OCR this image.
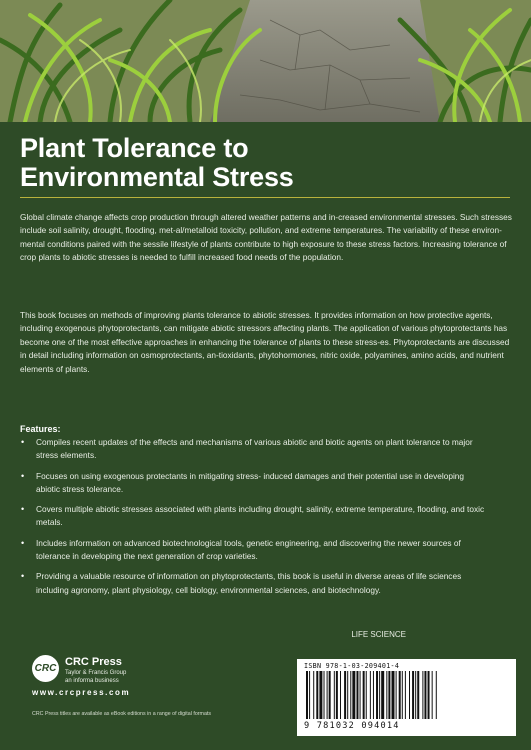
Plant Tolerance to
Environmental Stress

Global climate change affects crop production through altered weather patterns and in-creased environmental stresses. Such stresses include soil salinity, drought, flooding, met-al/metalloid toxicity, pollution, and extreme temperatures. The variability of these environ-mental conditions paired with the sessile lifestyle of plants contribute to high exposure to these stress factors. Increasing tolerance of crop plants to abiotic stresses is needed to fulfill increased food needs of the population.

This book focuses on methods of improving plants tolerance to abiotic stresses. It provides information on how protective agents, including exogenous phytoprotectants, can mitigate abiotic stressors affecting plants. The application of various phytoprotectants has become one of the most effective approaches in enhancing the tolerance of plants to these stress-es. Phytoprotectants are discussed in detail including information on osmoprotectants, an-tioxidants, phytohormones, nitric oxide, polyamines, amino acids, and nutrient elements of plants.

Features:
• Compiles recent updates of the effects and mechanisms of various abiotic and biotic agents on plant tolerance to major stress elements.
• Focuses on using exogenous protectants in mitigating stress- induced damages and their potential use in developing abiotic stress tolerance.
• Covers multiple abiotic stresses associated with plants including drought, salinity, extreme temperature, flooding, and toxic metals.
• Includes information on advanced biotechnological tools, genetic engineering, and discovering the newer sources of tolerance in developing the next generation of crop varieties.
• Providing a valuable resource of information on phytoprotectants, this book is useful in diverse areas of life sciences including agronomy, plant physiology, cell biology, environmental sciences, and biotechnology.
LIFE SCIENCE
CRC
CRC Press
Taylor & Francis Group
an informa business
www.crcpress.com
CRC Press titles are available as eBook editions in a range of digital formats
ISBN 978-1-03-209401-4
9 781032 094014
